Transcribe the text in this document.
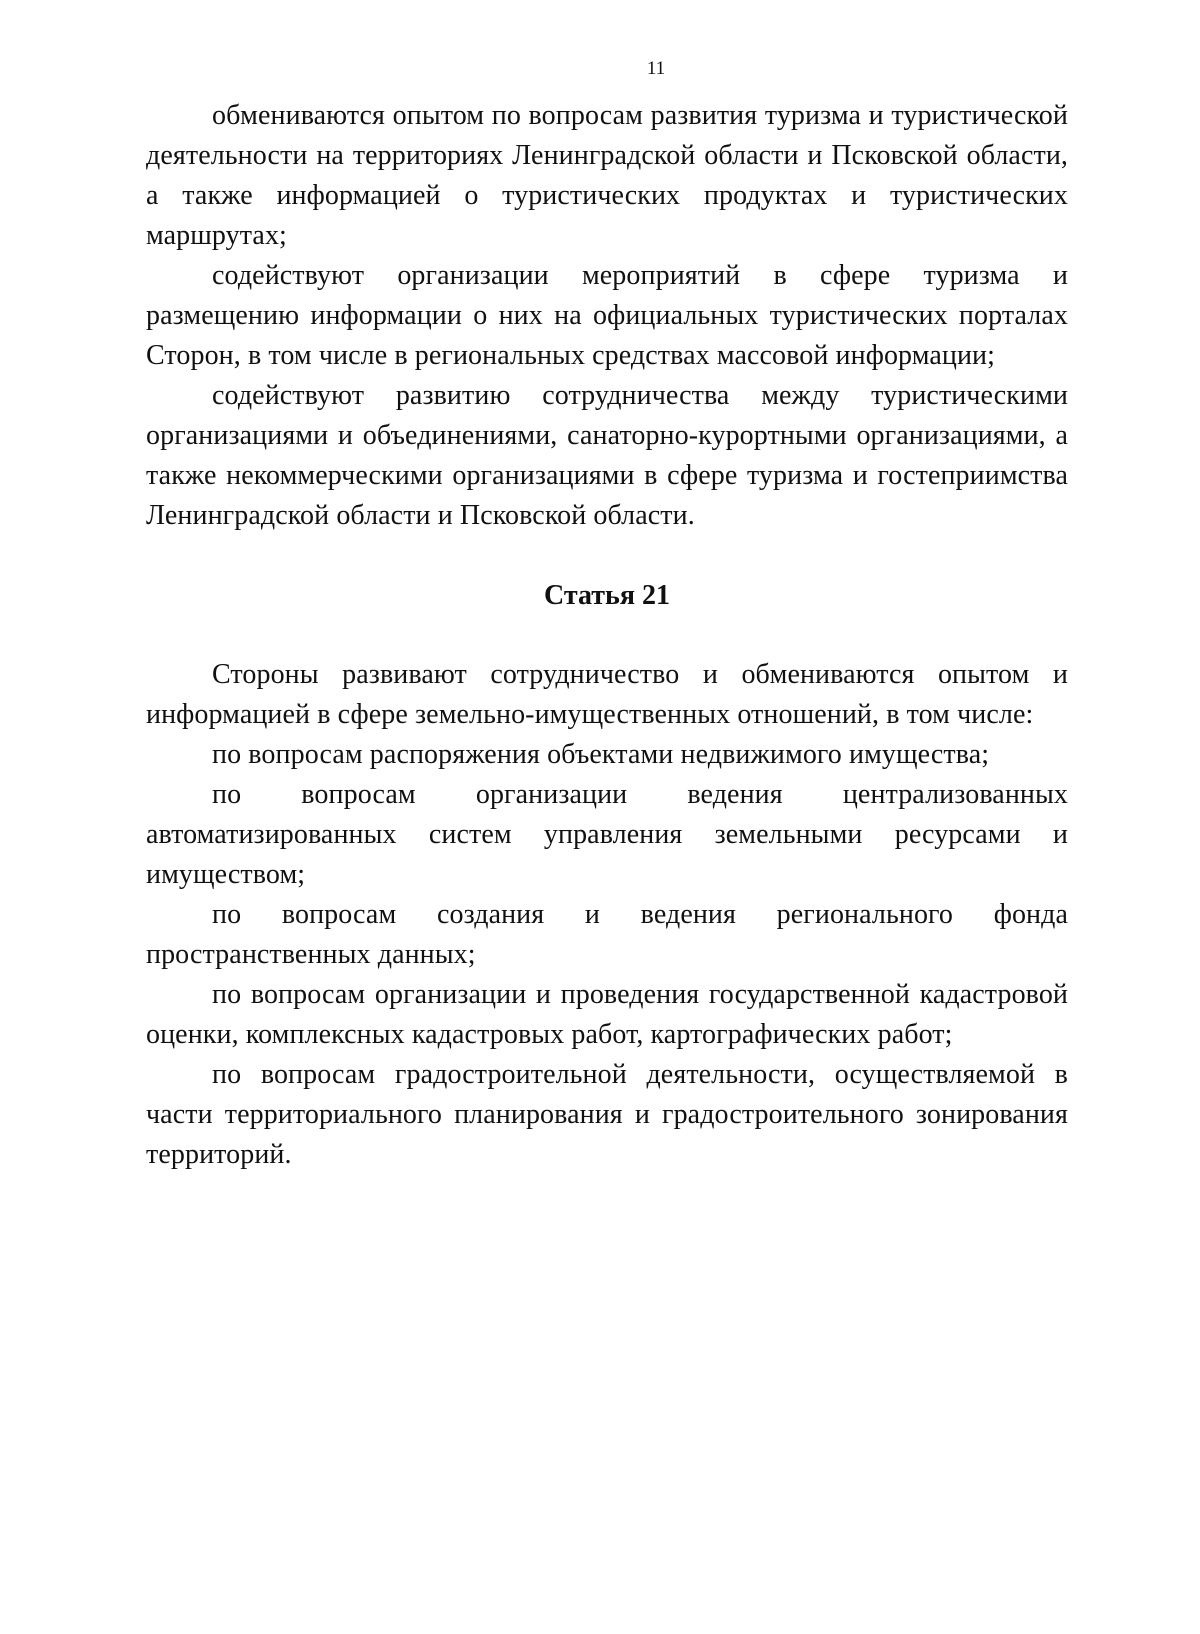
11

обмениваются опытом по вопросам развития туризма и туристической деятельности на территориях Ленинградской области и Псковской области, а также информацией о туристических продуктах и туристических маршрутах;

содействуют организации мероприятий в сфере туризма и размещению информации о них на официальных туристических порталах Сторон, в том числе в региональных средствах массовой информации;

содействуют развитию сотрудничества между туристическими организациями и объединениями, санаторно-курортными организациями, а также некоммерческими организациями в сфере туризма и гостеприимства Ленинградской области и Псковской области.

Статья 21

Стороны развивают сотрудничество и обмениваются опытом и информацией в сфере земельно-имущественных отношений, в том числе:

по вопросам распоряжения объектами недвижимого имущества;

по вопросам организации ведения централизованных автоматизированных систем управления земельными ресурсами и имуществом;

по вопросам создания и ведения регионального фонда пространственных данных;

по вопросам организации и проведения государственной кадастровой оценки, комплексных кадастровых работ, картографических работ;

по вопросам градостроительной деятельности, осуществляемой в части территориального планирования и градостроительного зонирования территорий.
